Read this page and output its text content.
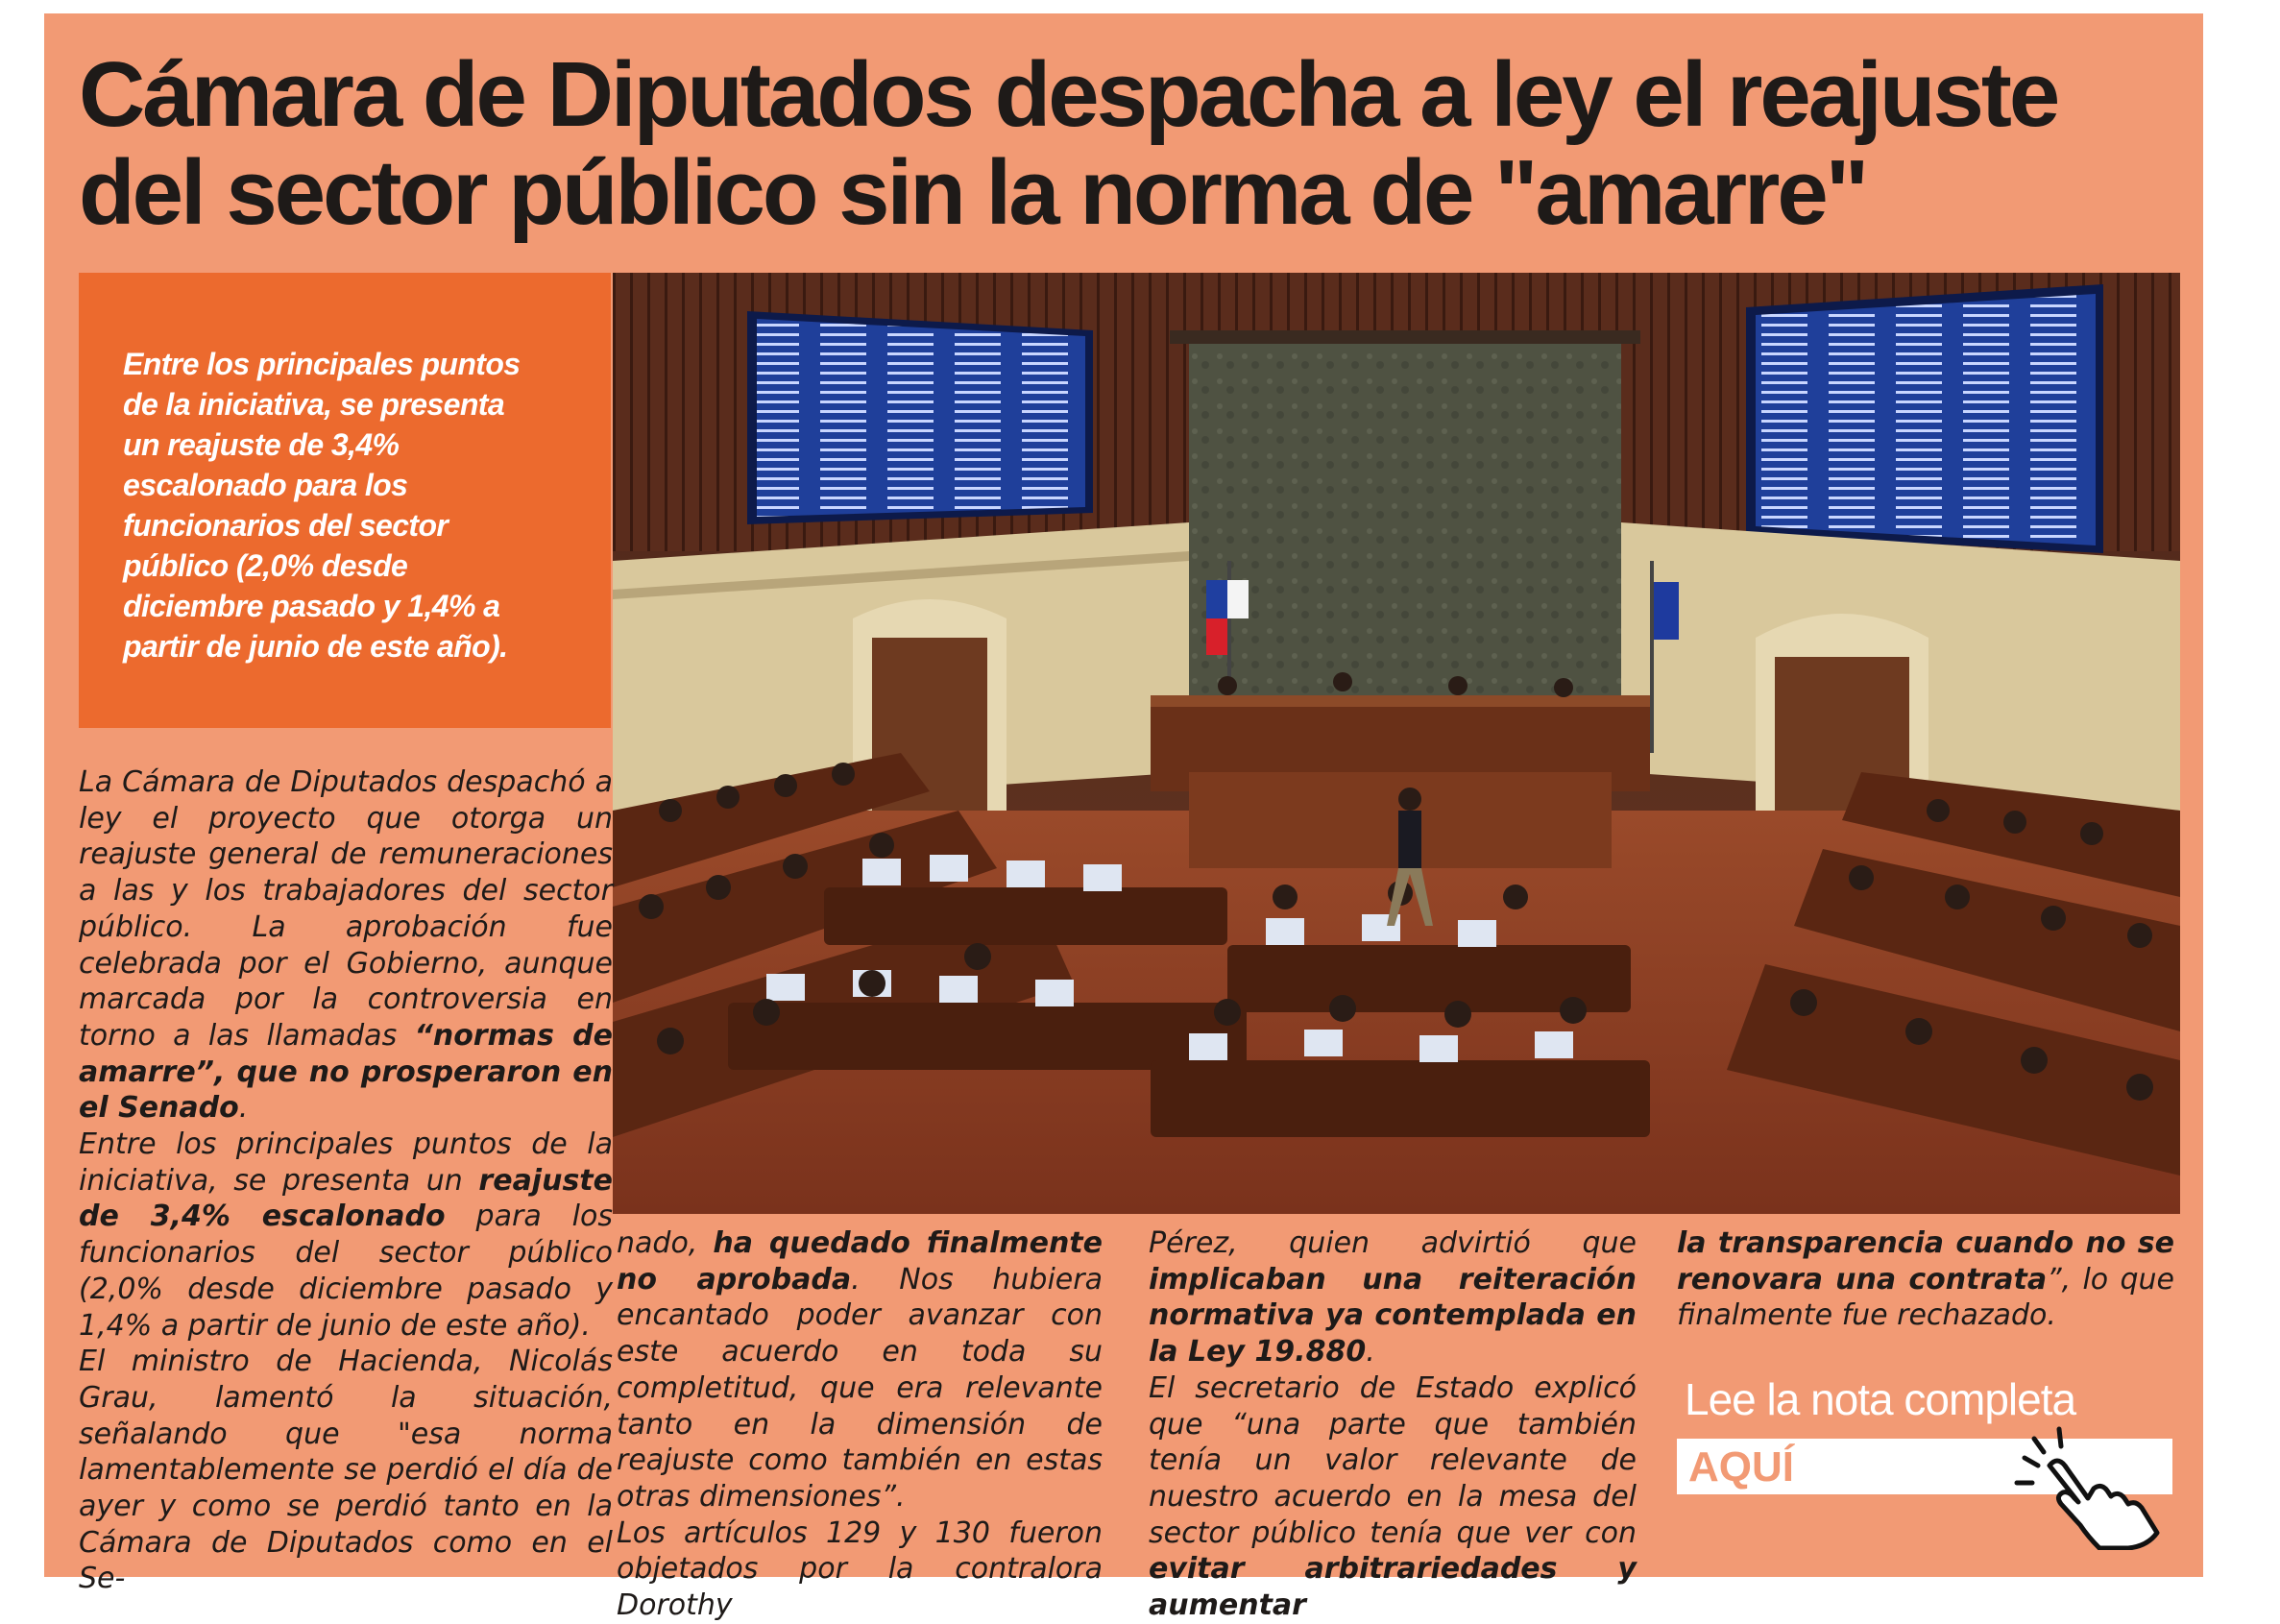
Cámara de Diputados despacha a ley el reajuste del sector público sin la norma de "amarre"

Entre los principales puntos de la iniciativa, se presenta un reajuste de 3,4% escalonado para los funcionarios del sector público (2,0% desde diciembre pasado y 1,4% a partir de junio de este año).

La Cámara de Diputados despachó a ley el proyecto que otorga un reajuste general de remuneraciones a las y los trabajadores del sector público. La aprobación fue celebrada por el Gobierno, aunque marcada por la controversia en torno a las llamadas “normas de amarre”, que no prosperaron en el Senado.

Entre los principales puntos de la iniciativa, se presenta un reajuste de 3,4% escalonado para los funcionarios del sector público (2,0% desde diciembre pasado y 1,4% a partir de junio de este año).

El ministro de Hacienda, Nicolás Grau, lamentó la situación, señalando que "esa norma lamentablemente se perdió el día de ayer y como se perdió tanto en la Cámara de Diputados como en el Se-

nado, ha quedado finalmente no aprobada. Nos hubiera encantado poder avanzar con este acuerdo en toda su completitud, que era relevante tanto en la dimensión de reajuste como también en estas otras dimensiones”.

Los artículos 129 y 130 fueron objetados por la contralora Dorothy

Pérez, quien advirtió que implicaban una reiteración normativa ya contemplada en la Ley 19.880.

El secretario de Estado explicó que “una parte que también tenía un valor relevante de nuestro acuerdo en la mesa del sector público tenía que ver con evitar arbitrariedades y aumentar

la transparencia cuando no se renovara una contrata”, lo que finalmente fue rechazado.

Lee la nota completa
AQUÍ
